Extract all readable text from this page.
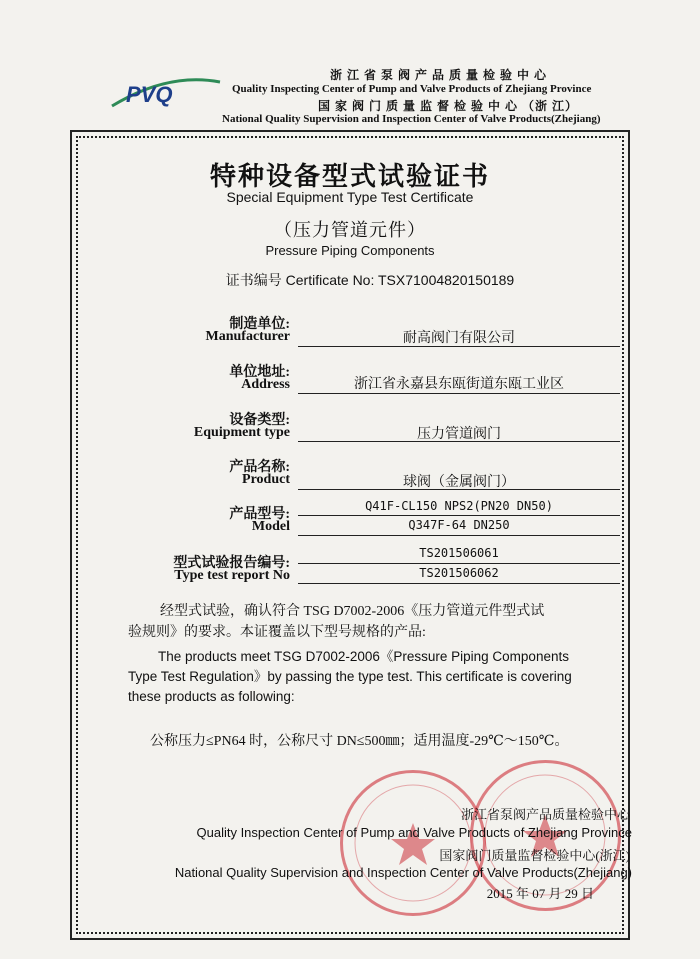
PVQ
浙 江 省 泵 阀 产 品 质 量 检 验 中 心
Quality Inspecting Center of Pump and Valve Products of Zhejiang Province
国 家 阀 门 质 量 监 督 检 验 中 心 （浙 江）
National Quality Supervision and Inspection Center of Valve Products(Zhejiang)
特种设备型式试验证书
Special Equipment Type Test Certificate
（压力管道元件）
Pressure Piping Components
证书编号 Certificate No: TSX71004820150189
制造单位:
Manufacturer	耐高阀门有限公司
单位地址:
Address	浙江省永嘉县东瓯街道东瓯工业区
设备类型:
Equipment type	压力管道阀门
产品名称:
Product	球阀（金属阀门）
产品型号:
Model
Q41F-CL150 NPS2(PN20 DN50)
Q347F-64 DN250
型式试验报告编号:
Type test report No
TS201506061
TS201506062
经型式试验，确认符合 TSG D7002-2006《压力管道元件型式试
验规则》的要求。本证覆盖以下型号规格的产品:
The products meet TSG D7002-2006《Pressure Piping Components
Type Test Regulation》by passing the type test. This certificate is covering
these products as following:
公称压力≤PN64 时，公称尺寸 DN≤500㎜；适用温度-29℃～150℃。
浙江省泵阀产品质量检验中心
Quality Inspection Center of Pump and Valve Products of Zhejiang Province
国家阀门质量监督检验中心(浙江)
National Quality Supervision and Inspection Center of Valve Products(Zhejiang)
2015 年 07 月 29 日
